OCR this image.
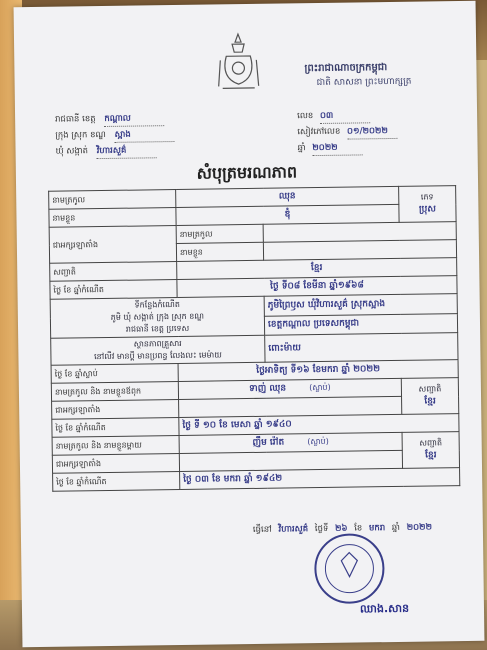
ព្រះរាជាណាចក្រកម្ពុជា
ជាតិ សាសនា ព្រះមហាក្សត្រ
រាជធានី ខេត្ត កណ្ដាល
ក្រុង ស្រុក ខណ្ឌ ស្អាង
ឃុំ សង្កាត់ វិហារសួគ៌
លេខ ០៣
សៀវភៅលេខ ០១/២០២២
ឆ្នាំ ២០២២
សំបុត្រមរណភាព
នាមត្រកូល	ឈុន		ភេទ
ប្រុស

នាមខ្លួន	ឌុំ		
ជាអក្សរឡាតាំង	នាមត្រកូល		
	នាមខ្លួន		
សញ្ជាតិ	ខ្មែរ		
ថ្ងៃ ខែ ឆ្នាំកំណើត	ថ្ងៃ ទី០៨ ខែមីនា ឆ្នាំ១៩៦៨		

ទីកន្លែងកំណើត
ភូមិ ឃុំ សង្កាត់ ក្រុង ស្រុក ខណ្ឌ
រាជធានី ខេត្ត ប្រទេស		ភូមិព្រៃឫស ឃុំវិហារសួគ៌ ស្រុកស្អាង	
		ខេត្តកណ្ដាល ប្រទេសកម្ពុជា	

ស្ថានភាពគ្រួសារ
នៅលីវ មានប្ដី មានប្រពន្ធ លែងលះ មេម៉ាយ		ពោះម៉ាយ	
ថ្ងៃ ខែ ឆ្នាំស្លាប់	ថ្ងៃអាទិត្យ ទី១៦ ខែមករា ឆ្នាំ ២០២២		
នាមត្រកូល និង នាមខ្លួនឪពុក	ទាញ់ ឈុន (ស្លាប់)		សញ្ជាតិ
ខ្មែរ

ជាអក្សរឡាតាំង			
ថ្ងៃ ខែ ឆ្នាំកំណើត	ថ្ងៃ ទី ១០ ខែ មេសា ឆ្នាំ ១៩៤០		
នាមត្រកូល និង នាមខ្លួនម្ដាយ	ញឹម រ៉ៅត (ស្លាប់)		សញ្ជាតិ
ខ្មែរ

ជាអក្សរឡាតាំង			
ថ្ងៃ ខែ ឆ្នាំកំណើត	ថ្ងៃ ០៣ ខែ មករា ឆ្នាំ ១៩៤២		
ធ្វើនៅ វិហារសួគ៌ ថ្ងៃទី ២៦ ខែ មករា ឆ្នាំ ២០២២
ឈាង.សាន
